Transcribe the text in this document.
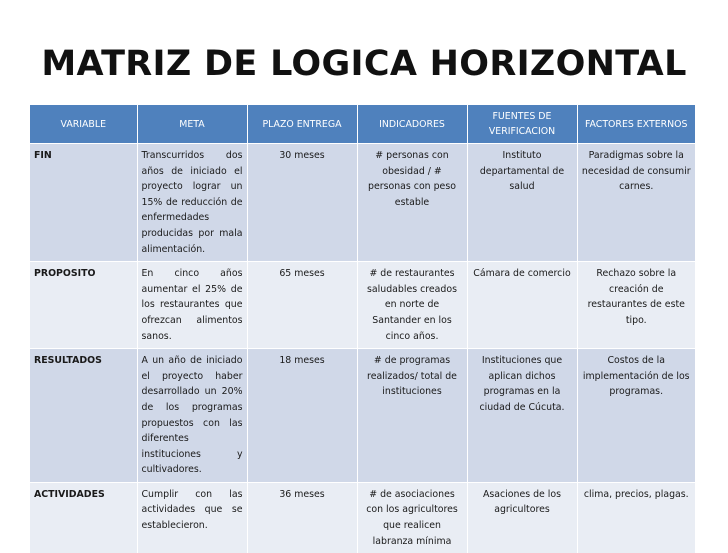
MATRIZ DE LOGICA HORIZONTAL
VARIABLE	META	PLAZO ENTREGA	INDICADORES	FUENTES DE VERIFICACION	FACTORES EXTERNOS
FIN	Transcurridos dos años de iniciado el proyecto lograr un 15% de reducción de enfermedades producidas por mala alimentación.	30 meses	# personas con obesidad / # personas con peso estable	Instituto departamental de salud	Paradigmas sobre la necesidad de consumir carnes.
PROPOSITO	En cinco años aumentar el 25% de los restaurantes que ofrezcan alimentos sanos.	65 meses	# de restaurantes saludables creados en norte de Santander en los cinco años.	Cámara de comercio	Rechazo sobre la creación de restaurantes de este tipo.
RESULTADOS	A un año de iniciado el proyecto haber desarrollado un 20% de los programas propuestos con las diferentes instituciones y cultivadores.	18 meses	# de programas realizados/ total de instituciones	Instituciones que aplican dichos programas en la ciudad de Cúcuta.	Costos de la implementación de los programas.
ACTIVIDADES	Cumplir con las actividades que se establecieron.	36 meses	# de asociaciones con los agricultores que realicen labranza mínima	Asaciones de los agricultores	clima, precios, plagas.
